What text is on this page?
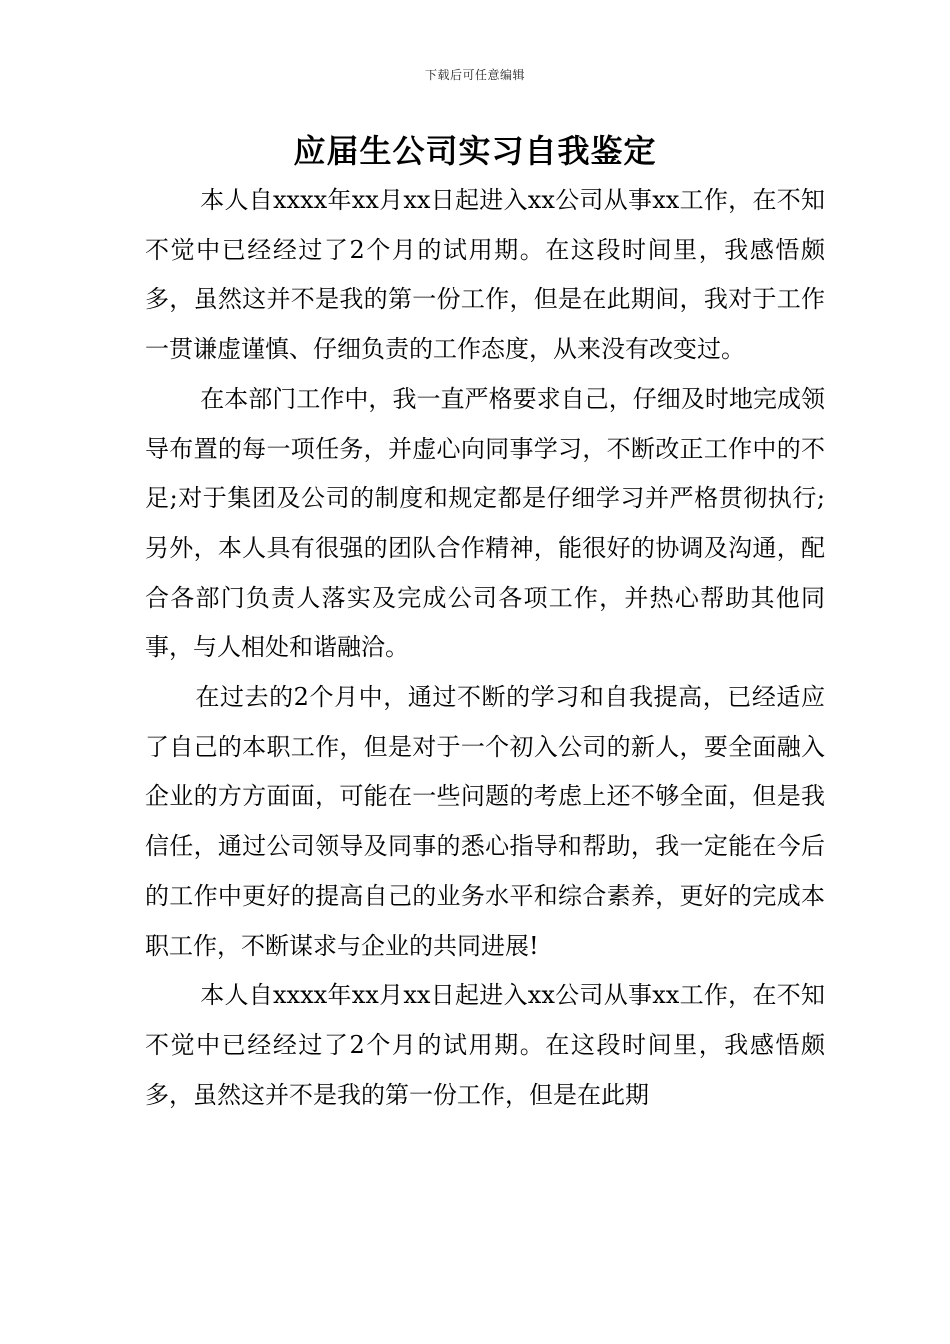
下载后可任意编辑
应届生公司实习自我鉴定

本人自xxxx年xx月xx日起进入xx公司从事xx工作，在不知不觉中已经经过了2个月的试用期。在这段时间里，我感悟颇多，虽然这并不是我的第一份工作，但是在此期间，我对于工作一贯谦虚谨慎、仔细负责的工作态度，从来没有改变过。

在本部门工作中，我一直严格要求自己，仔细及时地完成领导布置的每一项任务，并虚心向同事学习，不断改正工作中的不足;对于集团及公司的制度和规定都是仔细学习并严格贯彻执行;另外，本人具有很强的团队合作精神，能很好的协调及沟通，配合各部门负责人落实及完成公司各项工作，并热心帮助其他同事，与人相处和谐融洽。

在过去的2个月中，通过不断的学习和自我提高，已经适应了自己的本职工作，但是对于一个初入公司的新人，要全面融入企业的方方面面，可能在一些问题的考虑上还不够全面，但是我信任，通过公司领导及同事的悉心指导和帮助，我一定能在今后的工作中更好的提高自己的业务水平和综合素养，更好的完成本职工作，不断谋求与企业的共同进展!

本人自xxxx年xx月xx日起进入xx公司从事xx工作，在不知不觉中已经经过了2个月的试用期。在这段时间里，我感悟颇多，虽然这并不是我的第一份工作，但是在此期
